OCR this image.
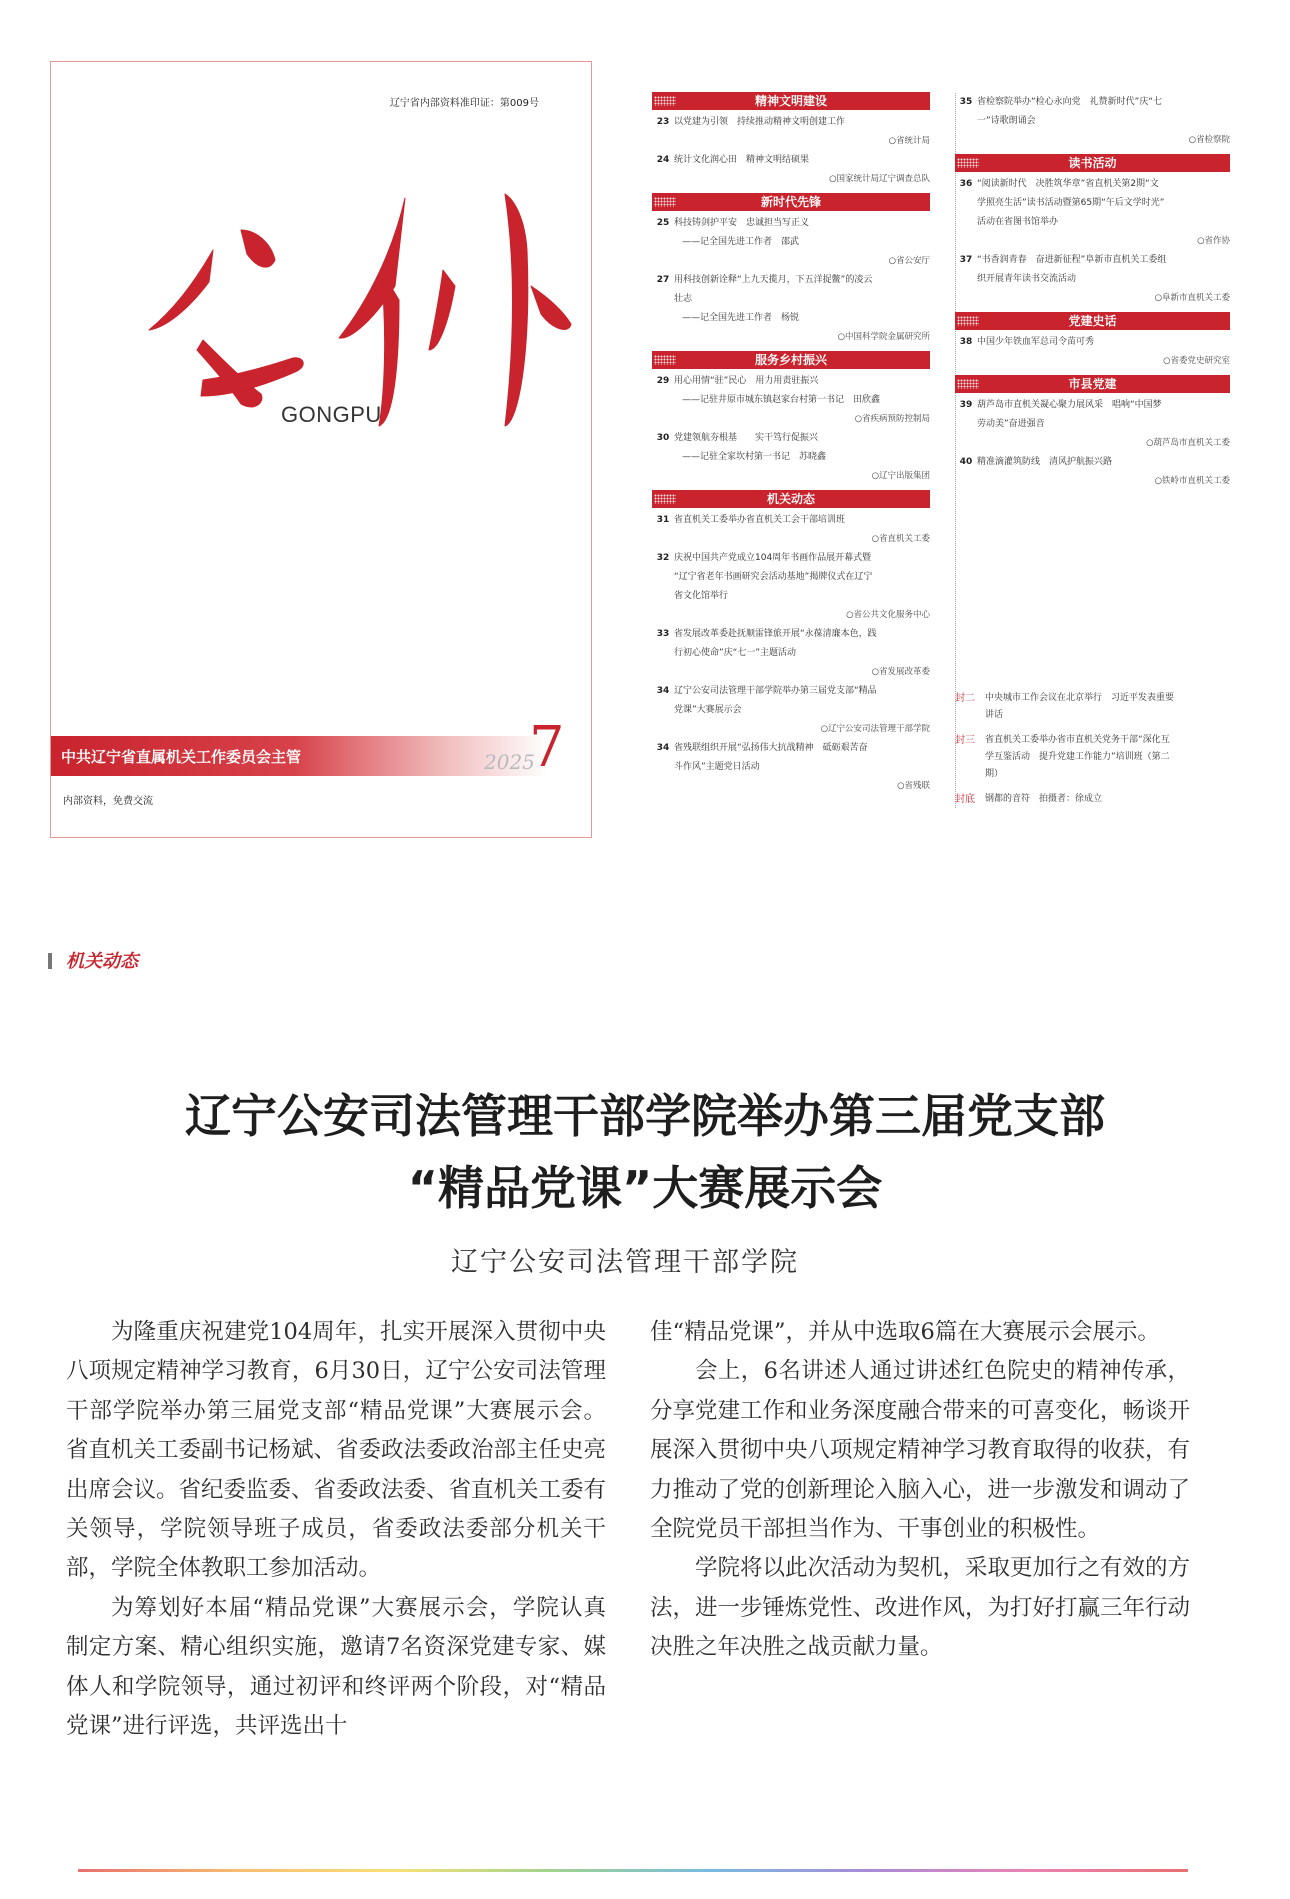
辽宁省内部资料准印证：第009号
GONGPU
中共辽宁省直属机关工作委员会主管	2025
7
内部资料，免费交流
精神文明建设
23 以党建为引领　持续推动精神文明创建工作
○省统计局
24 统计文化润心田　精神文明结硕果
○国家统计局辽宁调查总队
新时代先锋
25 科技铸剑护平安　忠诚担当写正义
——记全国先进工作者　邵武
○省公安厅
27 用科技创新诠释“上九天揽月，下五洋捉鳖”的凌云
壮志
——记全国先进工作者　杨锐
○中国科学院金属研究所
服务乡村振兴
29 用心用情“驻”民心　用力用责驻振兴
——记驻井原市城东镇赵家台村第一书记　田欣鑫
○省疾病预防控制局
30 党建领航夯根基　　实干笃行促振兴
——记驻全家坎村第一书记　苏晓鑫
○辽宁出版集团
机关动态
31 省直机关工委举办省直机关工会干部培训班
○省直机关工委
32 庆祝中国共产党成立104周年书画作品展开幕式暨
“辽宁省老年书画研究会活动基地”揭牌仪式在辽宁
省文化馆举行
○省公共文化服务中心
33 省发展改革委赴抚顺雷锋旅开展“永葆清廉本色，践
行初心使命”庆“七一”主题活动
○省发展改革委
34 辽宁公安司法管理干部学院举办第三届党支部“精品
党课”大赛展示会
○辽宁公安司法管理干部学院
34 省残联组织开展“弘扬伟大抗战精神　砥砺艰苦奋
斗作风”主题党日活动
○省残联
35 省检察院举办“检心永向党　礼赞新时代”庆“七
一”诗歌朗诵会
○省检察院
读书活动
36 “阅读新时代　决胜筑华章”省直机关第2期“文
学照亮生活”读书活动暨第65期“午后文学时光”
活动在省图书馆举办
○省作协
37 “书香润青春　奋进新征程”阜新市直机关工委组
织开展青年读书交流活动
○阜新市直机关工委
党建史话
38 中国少年铁血军总司令苗可秀
○省委党史研究室
市县党建
39 葫芦岛市直机关凝心聚力展风采　唱响“中国梦
劳动美”奋进强音
○葫芦岛市直机关工委
40 精准滴灌筑防线　清风护航振兴路
○铁岭市直机关工委
封二	中央城市工作会议在北京举行　习近平发表重要
讲话
封三	省直机关工委举办省市直机关党务干部“深化互
学互鉴活动　提升党建工作能力”培训班（第二
期）
封底	钢都的音符　拍摄者：徐成立
机关动态
辽宁公安司法管理干部学院举办第三届党支部
“精品党课”大赛展示会
辽宁公安司法管理干部学院

为隆重庆祝建党104周年，扎实开展深入贯彻中央八项规定精神学习教育，6月30日，辽宁公安司法管理干部学院举办第三届党支部“精品党课”大赛展示会。省直机关工委副书记杨斌、省委政法委政治部主任史亮出席会议。省纪委监委、省委政法委、省直机关工委有关领导，学院领导班子成员，省委政法委部分机关干部，学院全体教职工参加活动。

为筹划好本届“精品党课”大赛展示会，学院认真制定方案、精心组织实施，邀请7名资深党建专家、媒体人和学院领导，通过初评和终评两个阶段，对“精品党课”进行评选，共评选出十

佳“精品党课”，并从中选取6篇在大赛展示会展示。

会上，6名讲述人通过讲述红色院史的精神传承，分享党建工作和业务深度融合带来的可喜变化，畅谈开展深入贯彻中央八项规定精神学习教育取得的收获，有力推动了党的创新理论入脑入心，进一步激发和调动了全院党员干部担当作为、干事创业的积极性。

学院将以此次活动为契机，采取更加行之有效的方法，进一步锤炼党性、改进作风，为打好打赢三年行动决胜之年决胜之战贡献力量。
